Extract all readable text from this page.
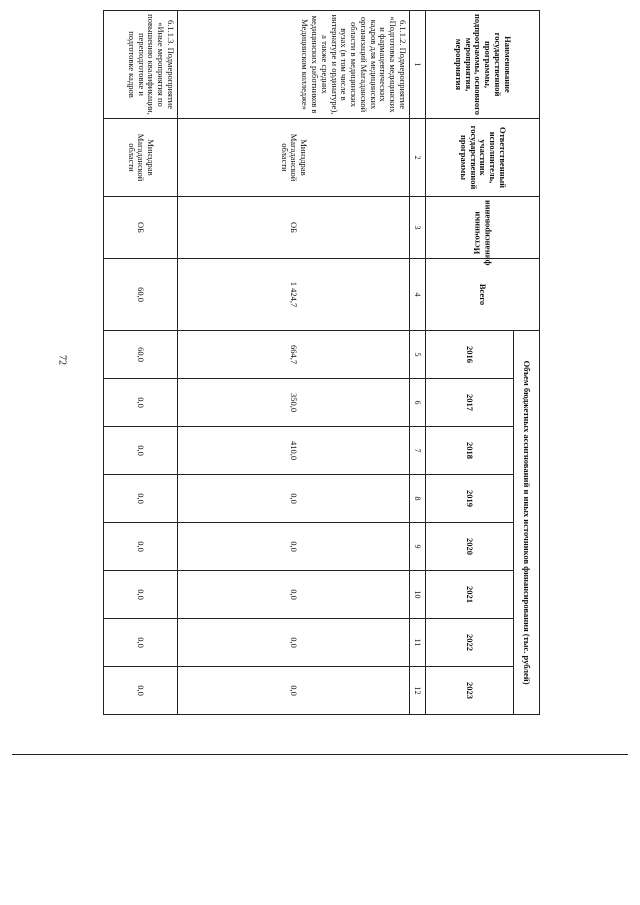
72
Наименование государственной программы, подпрограммы, основного мероприятия, мероприятия	Ответственный исполнитель, участник государственной программы	Источники финансирования	Всего	Объем бюджетных ассигнований и иных источников финансирования (тыс. рублей)							
				2016	2017	2018	2019	2020	2021	2022	2023
1	2	3	4	5	6	7	8	9	10	11	12
6.1.1.2. Подмероприятие «Подготовка медицинских и фармацевтических кадров для медицинских организаций Магаданской области в медицинских вузах (в том числе в интернатуре и ординатуре), а также средних медицинских работников в Медицинском колледже»	Минздрав Магаданской области	ОБ	1 424,7	664,7	350,0	410,0	0,0	0,0	0,0	0,0	0,0
6.1.1.3. Подмероприятие «Иные мероприятия по повышению квалификации, переподготовке и подготовке кадров	Минздрав Магаданской области	ОБ	60,0	60,0	0,0	0,0	0,0	0,0	0,0	0,0	0,0
